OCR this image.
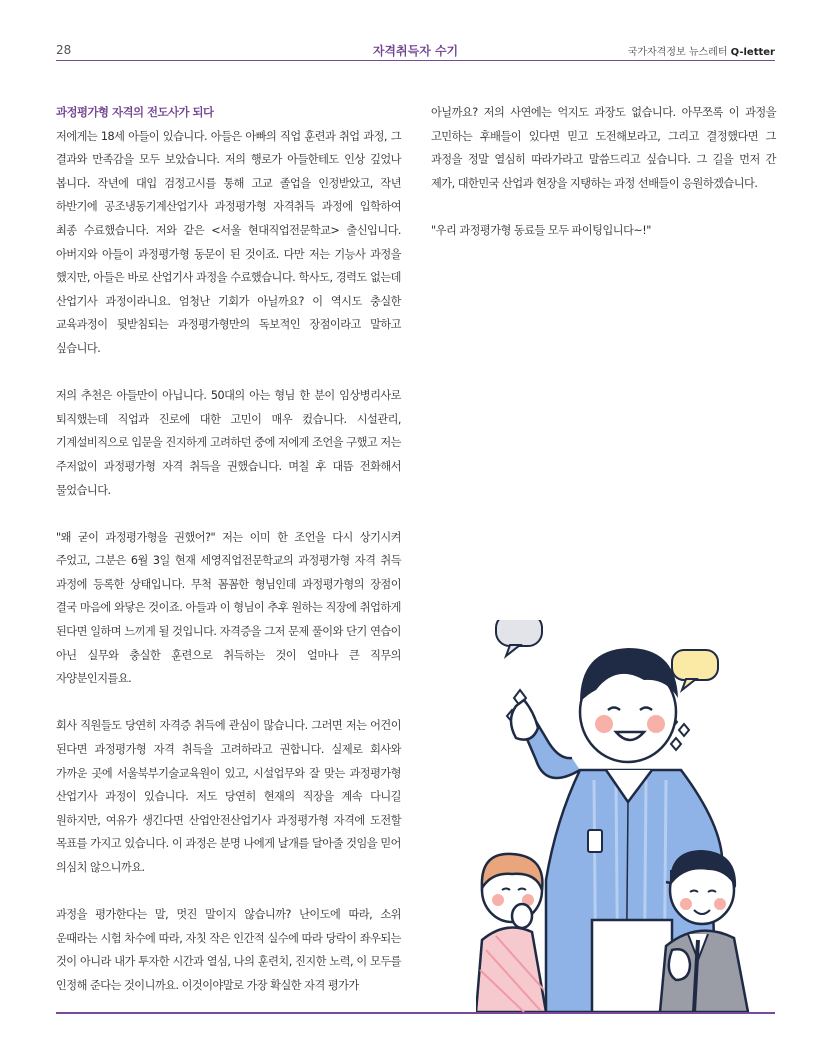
28	자격취득자 수기	국가자격정보 뉴스레터 Q-letter

과정평가형 자격의 전도사가 되다

저에게는 18세 아들이 있습니다. 아들은 아빠의 직업 훈련과 취업 과정, 그 결과와 만족감을 모두 보았습니다. 저의 행로가 아들한테도 인상 깊었나 봅니다. 작년에 대입 검정고시를 통해 고교 졸업을 인정받았고, 작년 하반기에 공조냉동기계산업기사 과정평가형 자격취득 과정에 입학하여 최종 수료했습니다. 저와 같은 <서울 현대직업전문학교> 출신입니다. 아버지와 아들이 과정평가형 동문이 된 것이죠. 다만 저는 기능사 과정을 했지만, 아들은 바로 산업기사 과정을 수료했습니다. 학사도, 경력도 없는데 산업기사 과정이라니요. 엄청난 기회가 아닐까요? 이 역시도 충실한 교육과정이 뒷받침되는 과정평가형만의 독보적인 장점이라고 말하고 싶습니다.

저의 추천은 아들만이 아닙니다. 50대의 아는 형님 한 분이 임상병리사로 퇴직했는데 직업과 진로에 대한 고민이 매우 컸습니다. 시설관리, 기계설비직으로 입문을 진지하게 고려하던 중에 저에게 조언을 구했고 저는 주저없이 과정평가형 자격 취득을 권했습니다. 며칠 후 대뜸 전화해서 물었습니다.

"왜 굳이 과정평가형을 권했어?" 저는 이미 한 조언을 다시 상기시켜 주었고, 그분은 6월 3일 현재 세영직업전문학교의 과정평가형 자격 취득 과정에 등록한 상태입니다. 무척 꼼꼼한 형님인데 과정평가형의 장점이 결국 마음에 와닿은 것이죠. 아들과 이 형님이 추후 원하는 직장에 취업하게 된다면 일하며 느끼게 될 것입니다. 자격증을 그저 문제 풀이와 단기 연습이 아닌 실무와 충실한 훈련으로 취득하는 것이 얼마나 큰 직무의 자양분인지를요.

회사 직원들도 당연히 자격증 취득에 관심이 많습니다. 그러면 저는 어건이 된다면 과정평가형 자격 취득을 고려하라고 권합니다. 실제로 회사와 가까운 곳에 서울북부기술교육원이 있고, 시설업무와 잘 맞는 과정평가형 산업기사 과정이 있습니다. 저도 당연히 현재의 직장을 계속 다니길 원하지만, 여유가 생긴다면 산업안전산업기사 과정평가형 자격에 도전할 목표를 가지고 있습니다. 이 과정은 분명 나에게 날개를 달아줄 것임을 믿어 의심치 않으니까요.

과정을 평가한다는 말, 멋진 말이지 않습니까? 난이도에 따라, 소위 운때라는 시험 차수에 따라, 자칫 작은 인간적 실수에 따라 당락이 좌우되는 것이 아니라 내가 투자한 시간과 열심, 나의 훈련치, 진지한 노력, 이 모두를 인정해 준다는 것이니까요. 이것이야말로 가장 확실한 자격 평가가

아닐까요? 저의 사연에는 억지도 과장도 없습니다. 아무쪼록 이 과정을 고민하는 후배들이 있다면 믿고 도전해보라고, 그리고 결정했다면 그 과정을 정말 열심히 따라가라고 말씀드리고 싶습니다. 그 길을 먼저 간 제가, 대한민국 산업과 현장을 지탱하는 과정 선배들이 응원하겠습니다.

"우리 과정평가형 동료들 모두 파이팅입니다~!"
